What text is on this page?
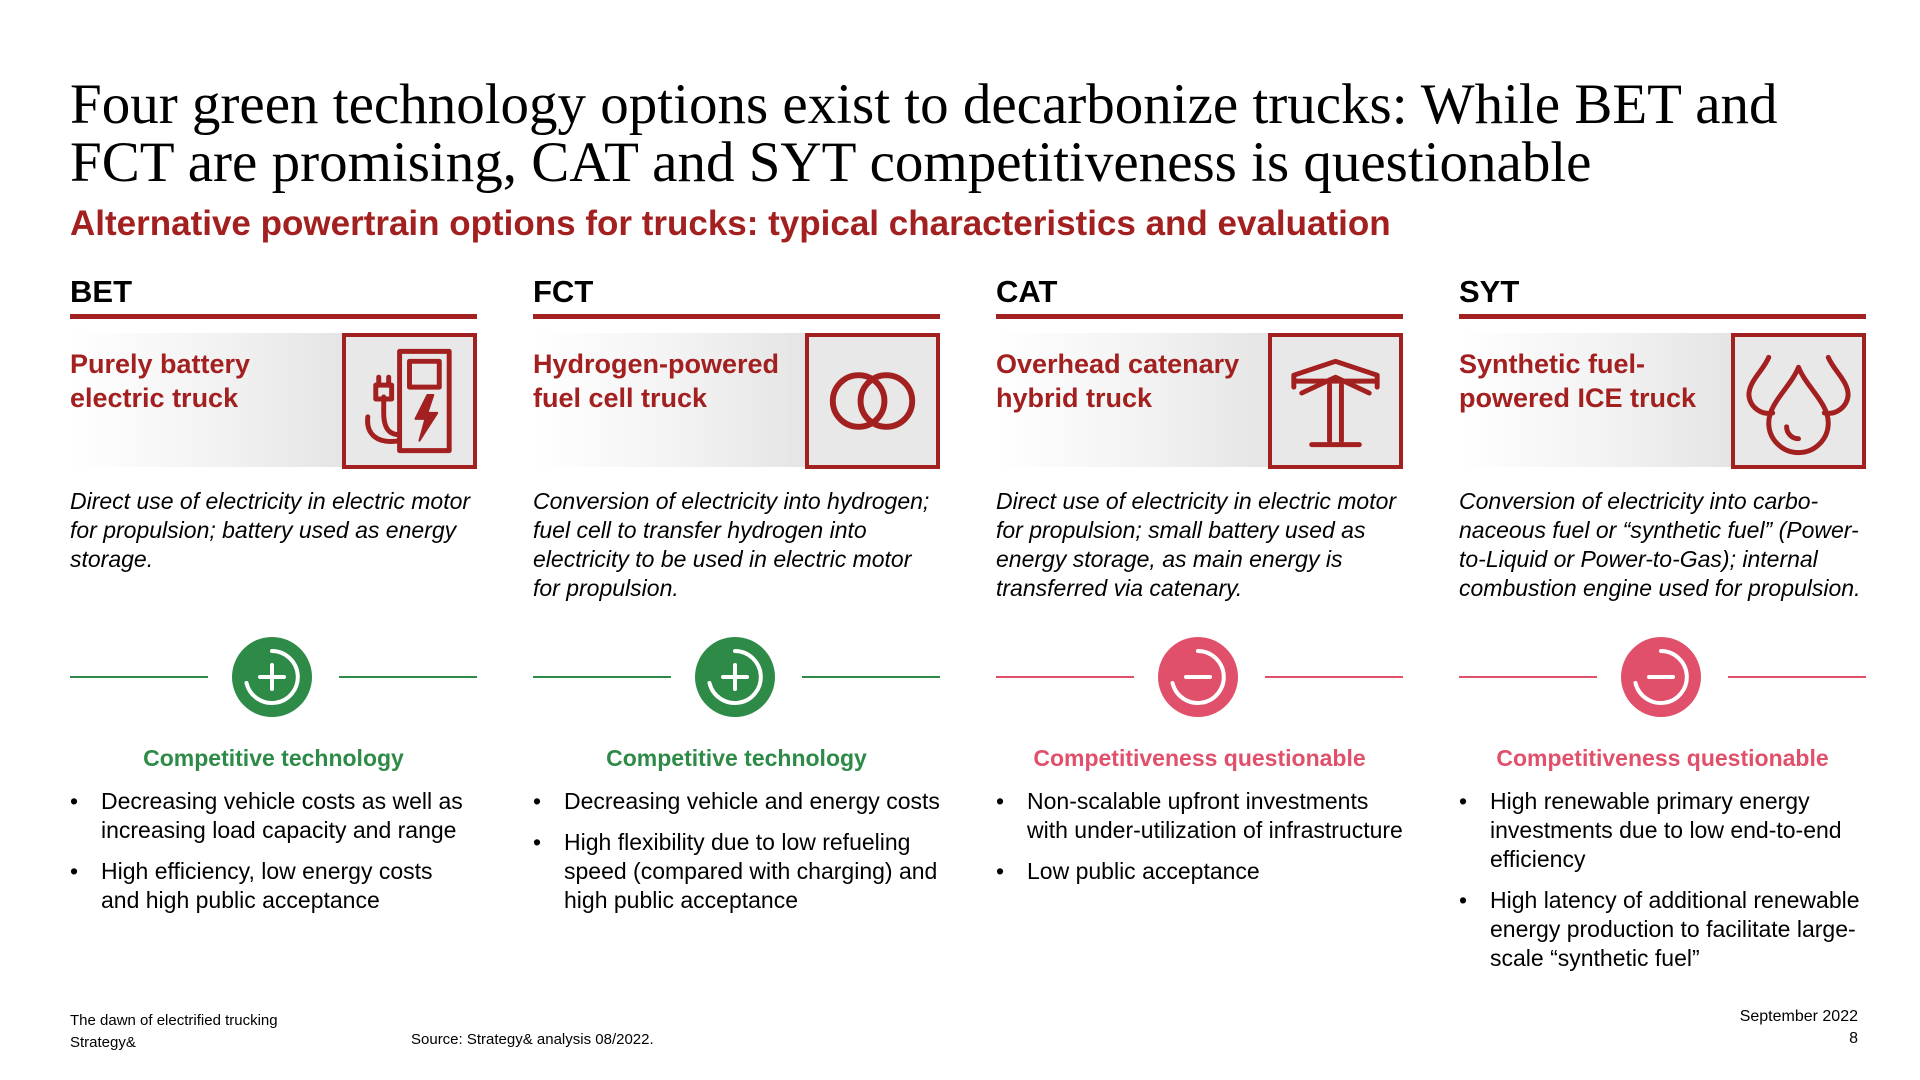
Four green technology options exist to decarbonize trucks: While BET and FCT are promising, CAT and SYT competitiveness is questionable
Alternative powertrain options for trucks: typical characteristics and evaluation
BET
Purely battery electric truck
Direct use of electricity in electric motor for propulsion; battery used as energy storage.
Competitive technology
• Decreasing vehicle costs as well as increasing load capacity and range
• High efficiency, low energy costs and high public acceptance
FCT
Hydrogen-powered fuel cell truck
Conversion of electricity into hydrogen; fuel cell to transfer hydrogen into electricity to be used in electric motor for propulsion.
Competitive technology
• Decreasing vehicle and energy costs
• High flexibility due to low refueling speed (compared with charging) and high public acceptance
CAT
Overhead catenary hybrid truck
Direct use of electricity in electric motor for propulsion; small battery used as energy storage, as main energy is transferred via catenary.
Competitiveness questionable
• Non-scalable upfront investments with under-utilization of infrastructure
• Low public acceptance
SYT
Synthetic fuel-powered ICE truck
Conversion of electricity into carbo-naceous fuel or “synthetic fuel” (Power-to-Liquid or Power-to-Gas); internal combustion engine used for propulsion.
Competitiveness questionable
• High renewable primary energy investments due to low end-to-end efficiency
• High latency of additional renewable energy production to facilitate large-scale “synthetic fuel”
The dawn of electrified trucking
Strategy&	Source: Strategy& analysis 08/2022.
September 2022
8
